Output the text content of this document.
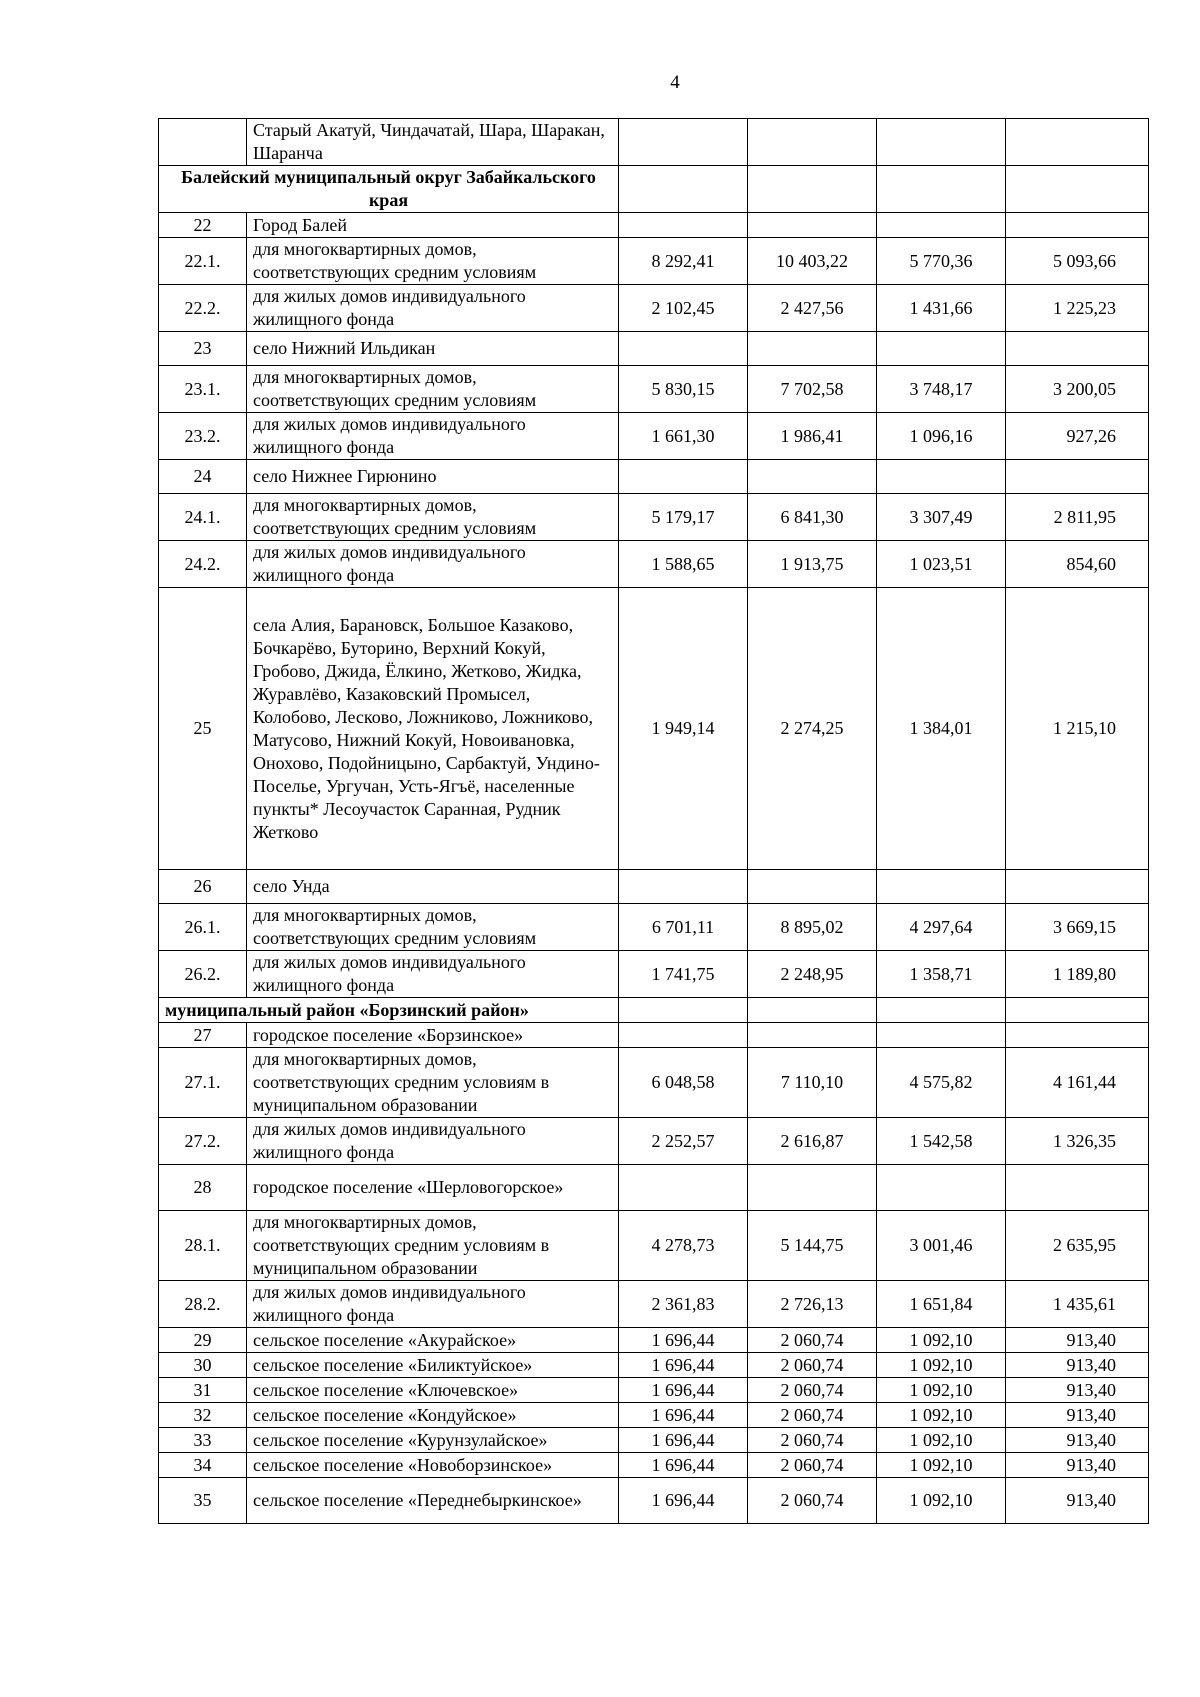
4
	Старый Акатуй, Чиндачатай, Шара, Шаракан, Шаранча				
Балейский муниципальный округ Забайкальского края					
22	Город Балей				
22.1.	для многоквартирных домов, соответствующих средним условиям	8 292,41	10 403,22	5 770,36	5 093,66
22.2.	для жилых домов индивидуального жилищного фонда	2 102,45	2 427,56	1 431,66	1 225,23
23	село Нижний Ильдикан				
23.1.	для многоквартирных домов, соответствующих средним условиям	5 830,15	7 702,58	3 748,17	3 200,05
23.2.	для жилых домов индивидуального жилищного фонда	1 661,30	1 986,41	1 096,16	927,26
24	село Нижнее Гирюнино				
24.1.	для многоквартирных домов, соответствующих средним условиям	5 179,17	6 841,30	3 307,49	2 811,95
24.2.	для жилых домов индивидуального жилищного фонда	1 588,65	1 913,75	1 023,51	854,60
25	села Алия, Барановск, Большое Казаково, Бочкарёво, Буторино, Верхний Кокуй, Гробово, Джида, Ёлкино, Жетково, Жидка, Журавлёво, Казаковский Промысел, Колобово, Лесково, Ложниково, Ложниково, Матусово, Нижний Кокуй, Новоивановка, Онохово, Подойницыно, Сарбактуй, Ундино-Поселье, Ургучан, Усть-Ягъё, населенные пункты* Лесоучасток Саранная, Рудник Жетково	1 949,14	2 274,25	1 384,01	1 215,10
26	село Унда				
26.1.	для многоквартирных домов, соответствующих средним условиям	6 701,11	8 895,02	4 297,64	3 669,15
26.2.	для жилых домов индивидуального жилищного фонда	1 741,75	2 248,95	1 358,71	1 189,80
муниципальный район «Борзинский район»					
27	городское поселение «Борзинское»				
27.1.	для многоквартирных домов, соответствующих средним условиям в муниципальном образовании	6 048,58	7 110,10	4 575,82	4 161,44
27.2.	для жилых домов индивидуального жилищного фонда	2 252,57	2 616,87	1 542,58	1 326,35
28	городское поселение «Шерловогорское»				
28.1.	для многоквартирных домов, соответствующих средним условиям в муниципальном образовании	4 278,73	5 144,75	3 001,46	2 635,95
28.2.	для жилых домов индивидуального жилищного фонда	2 361,83	2 726,13	1 651,84	1 435,61
29	сельское поселение «Акурайское»	1 696,44	2 060,74	1 092,10	913,40
30	сельское поселение «Биликтуйское»	1 696,44	2 060,74	1 092,10	913,40
31	сельское поселение «Ключевское»	1 696,44	2 060,74	1 092,10	913,40
32	сельское поселение «Кондуйское»	1 696,44	2 060,74	1 092,10	913,40
33	сельское поселение «Курунзулайское»	1 696,44	2 060,74	1 092,10	913,40
34	сельское поселение «Новоборзинское»	1 696,44	2 060,74	1 092,10	913,40
35	сельское поселение «Переднебыркинское»	1 696,44	2 060,74	1 092,10	913,40
